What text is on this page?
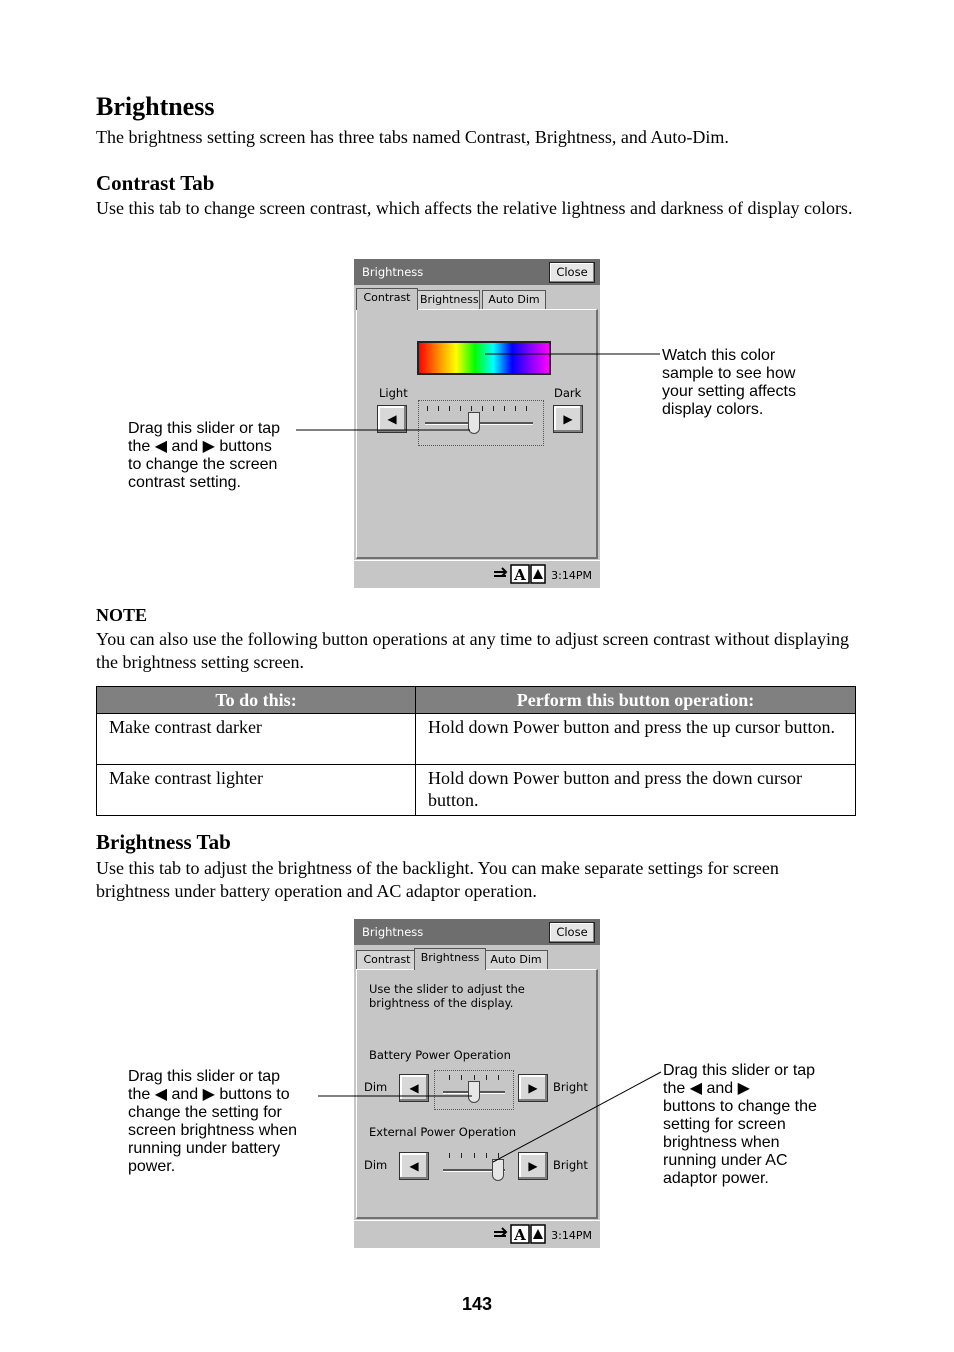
Brightness

The brightness setting screen has three tabs named Contrast, Brightness, and Auto-Dim.

Contrast Tab

Use this tab to change screen contrast, which affects the relative lightness and darkness of display colors.

Brightness	Close
Contrast Brightness Auto Dim
Light	Dark
◀	▶
A 3:14PM
Drag this slider or tap
the ◀ and ▶ buttons
to change the screen
contrast setting.
Watch this color
sample to see how
your setting affects
display colors.
NOTE

You can also use the following button operations at any time to adjust screen contrast without displaying the brightness setting screen.

To do this:	Perform this button operation:
Make contrast darker	Hold down Power button and press the up cursor button.
Make contrast lighter	Hold down Power button and press the down cursor button.
Brightness Tab

Use this tab to adjust the brightness of the backlight. You can make separate settings for screen brightness under battery operation and AC adaptor operation.

Brightness	Close
Contrast Brightness	Auto Dim
Use the slider to adjust the brightness of the display.
Battery Power Operation
Dim	◀	▶	Bright
External Power Operation
Dim	◀	▶	Bright
A 3:14PM
Drag this slider or tap
the ◀ and ▶ buttons to
change the setting for
screen brightness when
running under battery
power.
Drag this slider or tap
the ◀ and ▶
buttons to change the
setting for screen
brightness when
running under AC
adaptor power.
143
